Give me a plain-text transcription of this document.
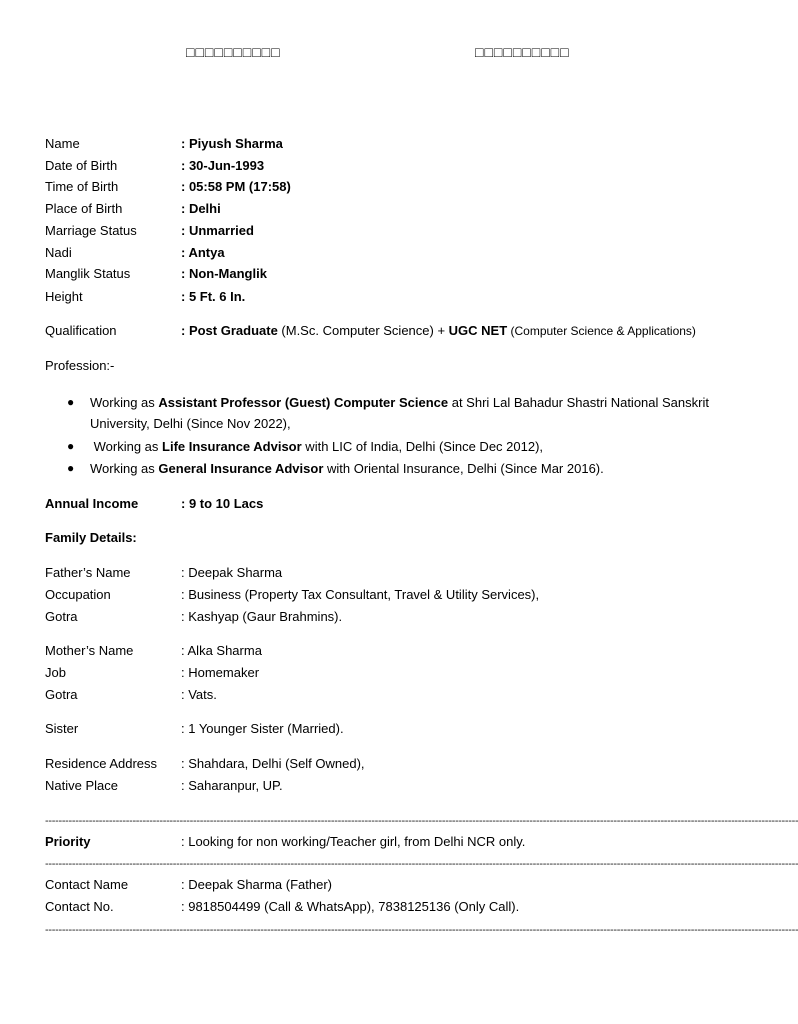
□□□□□□□□□□	□□□□□□□□□□
Name	: Piyush Sharma
Date of Birth	: 30-Jun-1993
Time of Birth	: 05:58 PM (17:58)
Place of Birth	: Delhi
Marriage Status	: Unmarried
Nadi	: Antya
Manglik Status	: Non-Manglik
Height	: 5 Ft. 6 In.
Qualification	: Post Graduate (M.Sc. Computer Science) + UGC NET (Computer Science & Applications)
Profession:-
● Working as Assistant Professor (Guest) Computer Science at Shri Lal Bahadur Shastri National Sanskrit University, Delhi (Since Nov 2022),
● Working as Life Insurance Advisor with LIC of India, Delhi (Since Dec 2012),
● Working as General Insurance Advisor with Oriental Insurance, Delhi (Since Mar 2016).
Annual Income	: 9 to 10 Lacs
Family Details:
Father’s Name	: Deepak Sharma
Occupation	: Business (Property Tax Consultant, Travel & Utility Services),
Gotra	: Kashyap (Gaur Brahmins).
Mother’s Name	: Alka Sharma
Job	: Homemaker
Gotra	: Vats.
Sister	: 1 Younger Sister (Married).
Residence Address : Shahdara, Delhi (Self Owned),
Native Place	: Saharanpur, UP.
--------------------------------------------------------------------------------------------------------------------------------------------------------------------------------------------------------------------------------
Priority	: Looking for non working/Teacher girl, from Delhi NCR only.
--------------------------------------------------------------------------------------------------------------------------------------------------------------------------------------------------------------------------------
Contact Name	: Deepak Sharma (Father)
Contact No.	: 9818504499 (Call & WhatsApp), 7838125136 (Only Call).
--------------------------------------------------------------------------------------------------------------------------------------------------------------------------------------------------------------------------------
